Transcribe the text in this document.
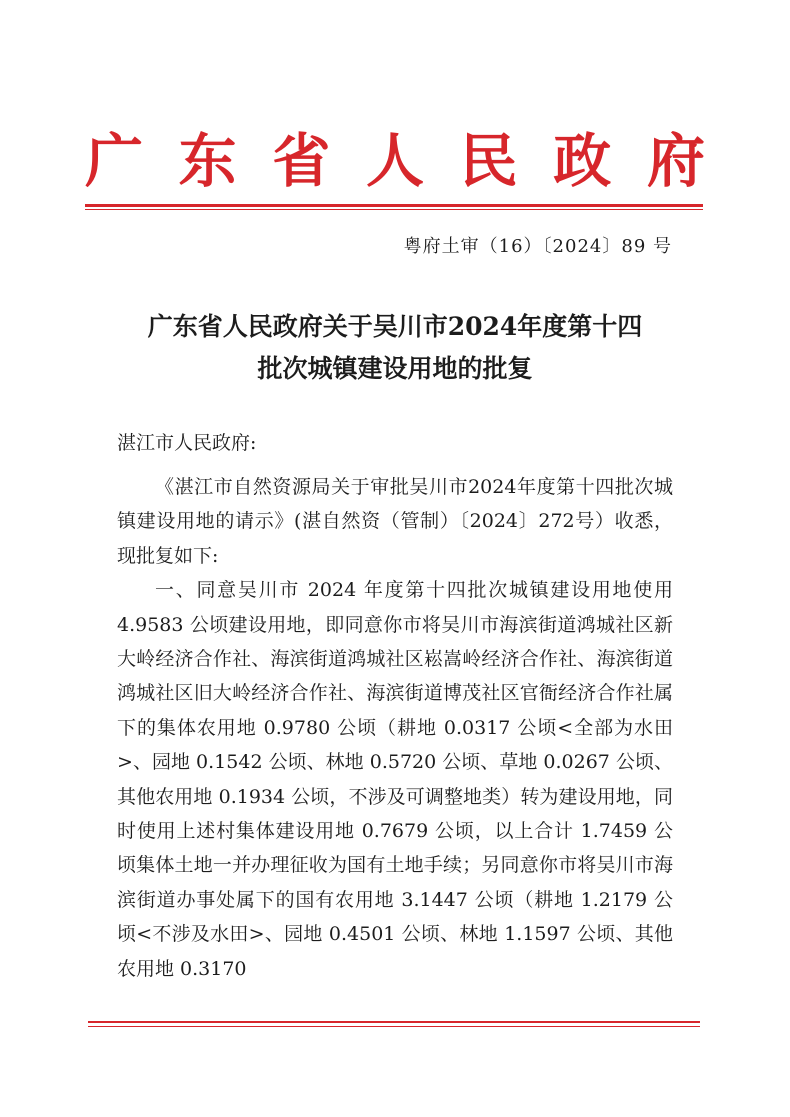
广 东 省 人 民 政 府
粤府土审（16）〔2024〕89 号
广东省人民政府关于吴川市2024年度第十四
批次城镇建设用地的批复
湛江市人民政府:

《湛江市自然资源局关于审批吴川市2024年度第十四批次城镇建设用地的请示》(湛自然资（管制）〔2024〕272号）收悉，现批复如下:

一、同意吴川市 2024 年度第十四批次城镇建设用地使用 4.9583 公顷建设用地，即同意你市将吴川市海滨街道鸿城社区新大岭经济合作社、海滨街道鸿城社区崧嵩岭经济合作社、海滨街道鸿城社区旧大岭经济合作社、海滨街道博茂社区官衙经济合作社属下的集体农用地 0.9780 公顷（耕地 0.0317 公顷<全部为水田>、园地 0.1542 公顷、林地 0.5720 公顷、草地 0.0267 公顷、其他农用地 0.1934 公顷，不涉及可调整地类）转为建设用地，同时使用上述村集体建设用地 0.7679 公顷，以上合计 1.7459 公顷集体土地一并办理征收为国有土地手续；另同意你市将吴川市海滨街道办事处属下的国有农用地 3.1447 公顷（耕地 1.2179 公顷<不涉及水田>、园地 0.4501 公顷、林地 1.1597 公顷、其他农用地 0.3170
